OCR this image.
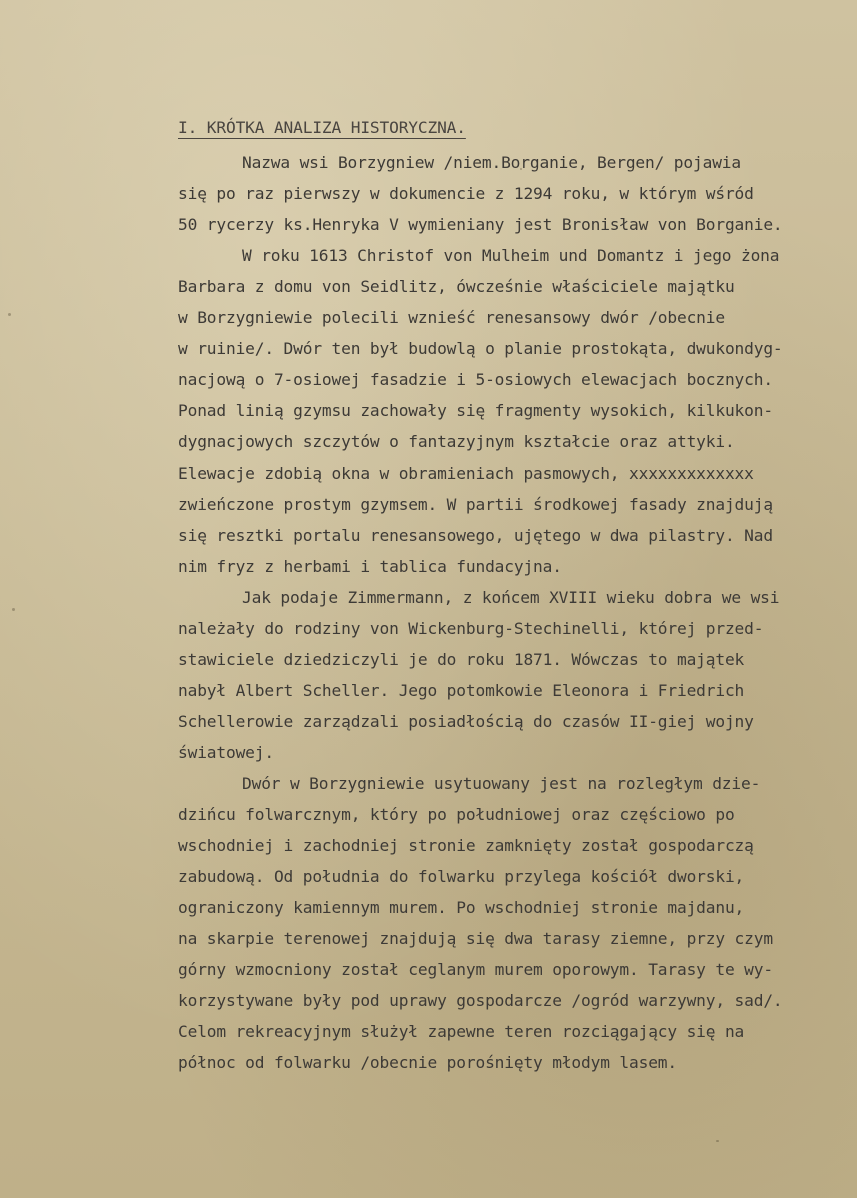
I. KRÓTKA ANALIZA HISTORYCZNA.
Nazwa wsi Borzygniew /niem.Borganie, Bergen/ pojawia
się po raz pierwszy w dokumencie z 1294 roku, w którym wśród
50 rycerzy ks.Henryka V wymieniany jest Bronisław von Borganie.
W roku 1613 Christof von Mulheim und Domantz i jego żona
Barbara z domu von Seidlitz, ówcześnie właściciele majątku
w Borzygniewie polecili wznieść renesansowy dwór /obecnie
w ruinie/. Dwór ten był budowlą o planie prostokąta, dwukondyg-
nacjową o 7-osiowej fasadzie i 5-osiowych elewacjach bocznych.
Ponad linią gzymsu zachowały się fragmenty wysokich, kilkukon-
dygnacjowych szczytów o fantazyjnym kształcie oraz attyki.
Elewacje zdobią okna w obramieniach pasmowych, xxxxxxxxxxxxx
zwieńczone prostym gzymsem. W partii środkowej fasady znajdują
się resztki portalu renesansowego, ujętego w dwa pilastry. Nad
nim fryz z herbami i tablica fundacyjna.
Jak podaje Zimmermann, z końcem XVIII wieku dobra we wsi
należały do rodziny von Wickenburg-Stechinelli, której przed-
stawiciele dziedziczyli je do roku 1871. Wówczas to majątek
nabył Albert Scheller. Jego potomkowie Eleonora i Friedrich
Schellerowie zarządzali posiadłością do czasów II-giej wojny
światowej.
Dwór w Borzygniewie usytuowany jest na rozległym dzie-
dzińcu folwarcznym, który po południowej oraz częściowo po
wschodniej i zachodniej stronie zamknięty został gospodarczą
zabudową. Od południa do folwarku przylega kościół dworski,
ograniczony kamiennym murem. Po wschodniej stronie majdanu,
na skarpie terenowej znajdują się dwa tarasy ziemne, przy czym
górny wzmocniony został ceglanym murem oporowym. Tarasy te wy-
korzystywane były pod uprawy gospodarcze /ogród warzywny, sad/.
Celom rekreacyjnym służył zapewne teren rozciągający się na
północ od folwarku /obecnie porośnięty młodym lasem.
